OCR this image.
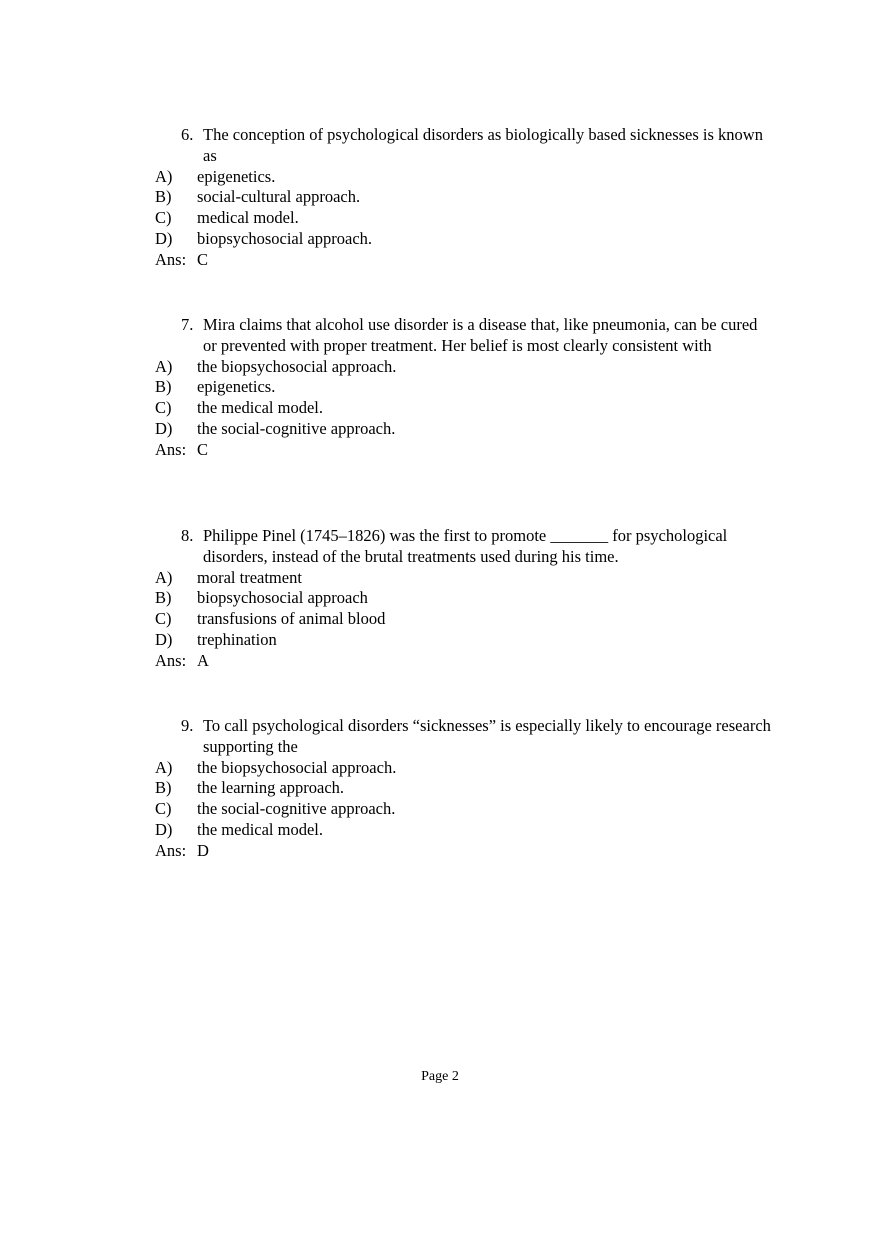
6. The conception of psychological disorders as biologically based sicknesses is known as
A) epigenetics.
B) social-cultural approach.
C) medical model.
D) biopsychosocial approach.
Ans: C
7. Mira claims that alcohol use disorder is a disease that, like pneumonia, can be cured or prevented with proper treatment. Her belief is most clearly consistent with
A) the biopsychosocial approach.
B) epigenetics.
C) the medical model.
D) the social-cognitive approach.
Ans: C
8. Philippe Pinel (1745–1826) was the first to promote _______ for psychological disorders, instead of the brutal treatments used during his time.
A) moral treatment
B) biopsychosocial approach
C) transfusions of animal blood
D) trephination
Ans: A
9. To call psychological disorders “sicknesses” is especially likely to encourage research supporting the
A) the biopsychosocial approach.
B) the learning approach.
C) the social-cognitive approach.
D) the medical model.
Ans: D
Page 2
